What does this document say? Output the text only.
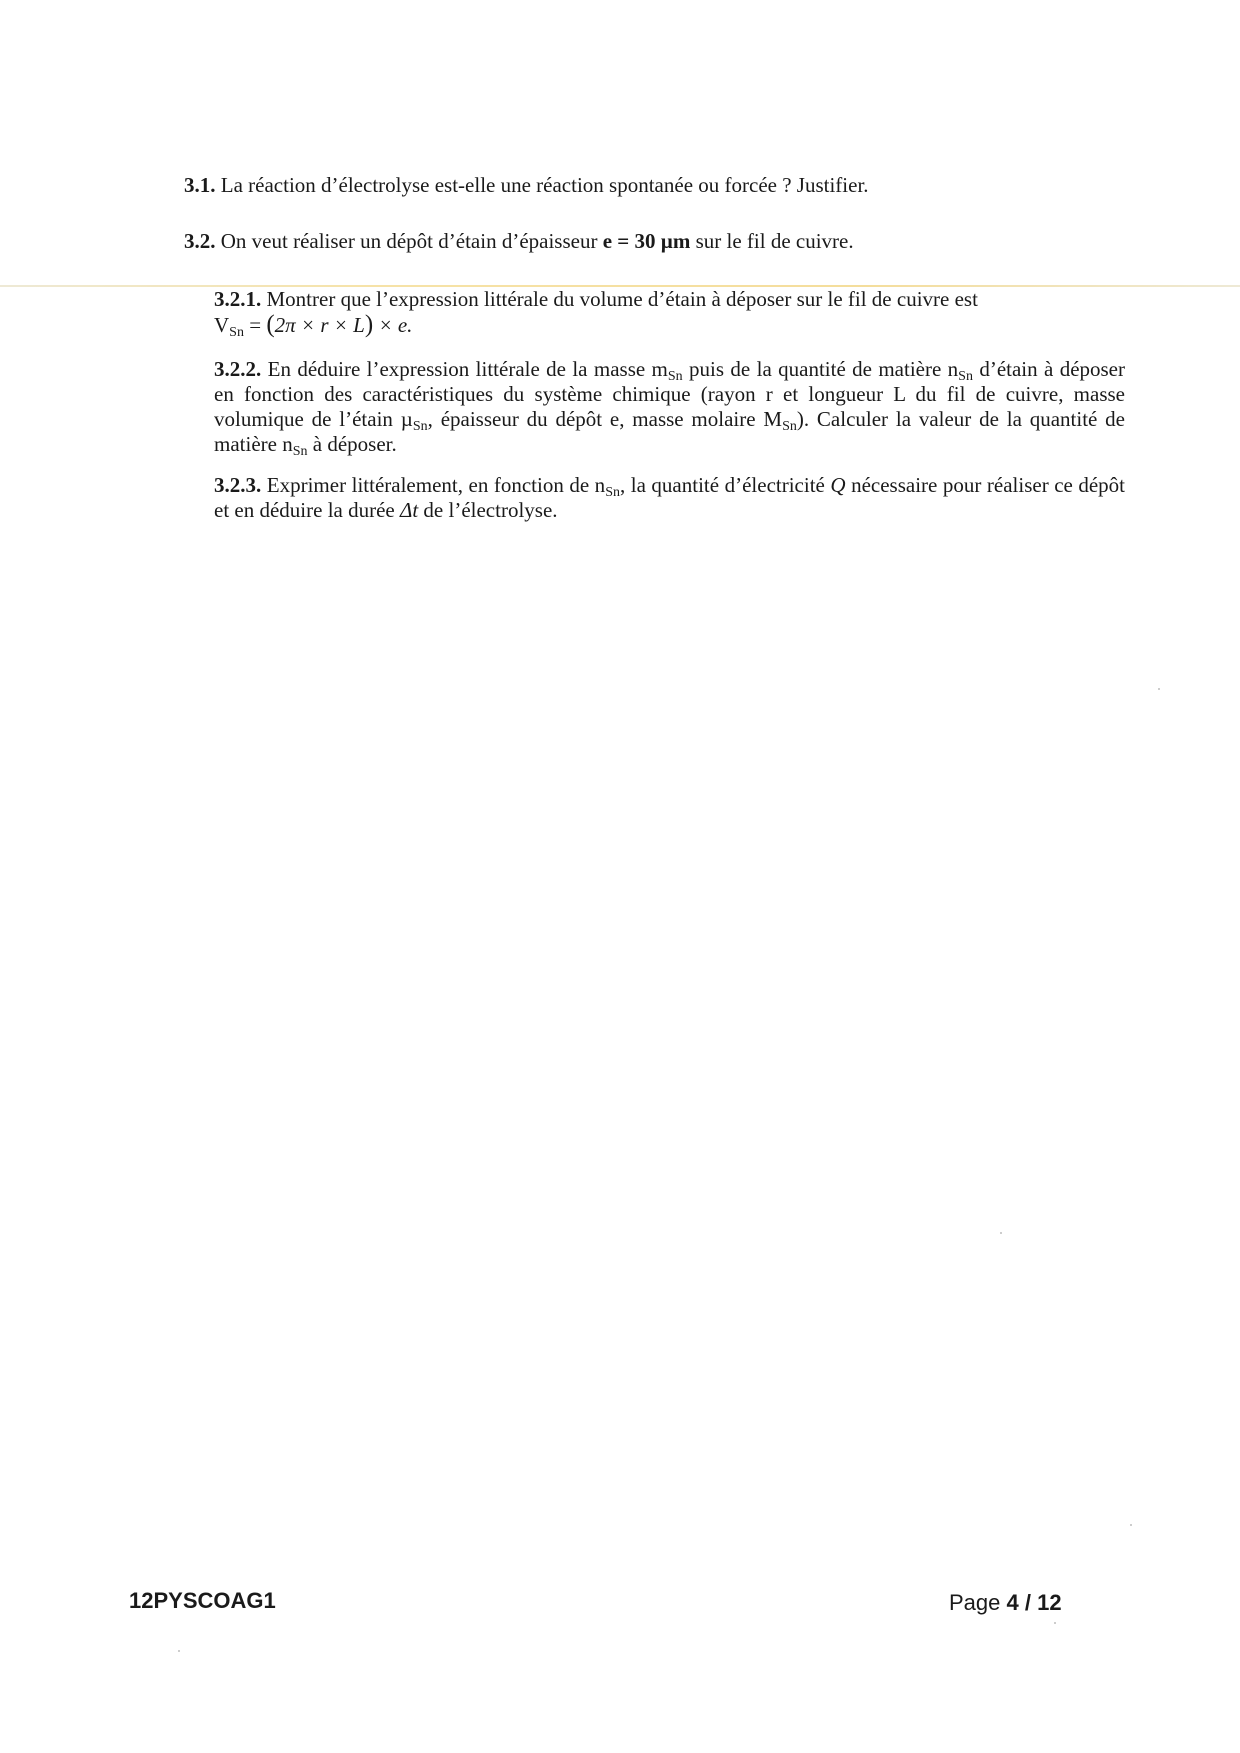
3.1. La réaction d’électrolyse est-elle une réaction spontanée ou forcée ? Justifier.
3.2. On veut réaliser un dépôt d’étain d’épaisseur e = 30 µm sur le fil de cuivre.
3.2.1. Montrer que l’expression littérale du volume d’étain à déposer sur le fil de cuivre est
$V_{Sn} = (2\pi \times r \times L) \times e$.
3.2.2. En déduire l’expression littérale de la masse $m_{Sn}$ puis de la quantité de matière $n_{Sn}$ d’étain à déposer en fonction des caractéristiques du système chimique (rayon r et longueur L du fil de cuivre, masse volumique de l’étain µ$_{Sn}$, épaisseur du dépôt e, masse molaire $M_{Sn}$). Calculer la valeur de la quantité de matière $n_{Sn}$ à déposer.
3.2.3. Exprimer littéralement, en fonction de $n_{Sn}$, la quantité d’électricité Q nécessaire pour réaliser ce dépôt et en déduire la durée Δt de l’électrolyse.
12PYSCOAG1	Page 4 / 12
